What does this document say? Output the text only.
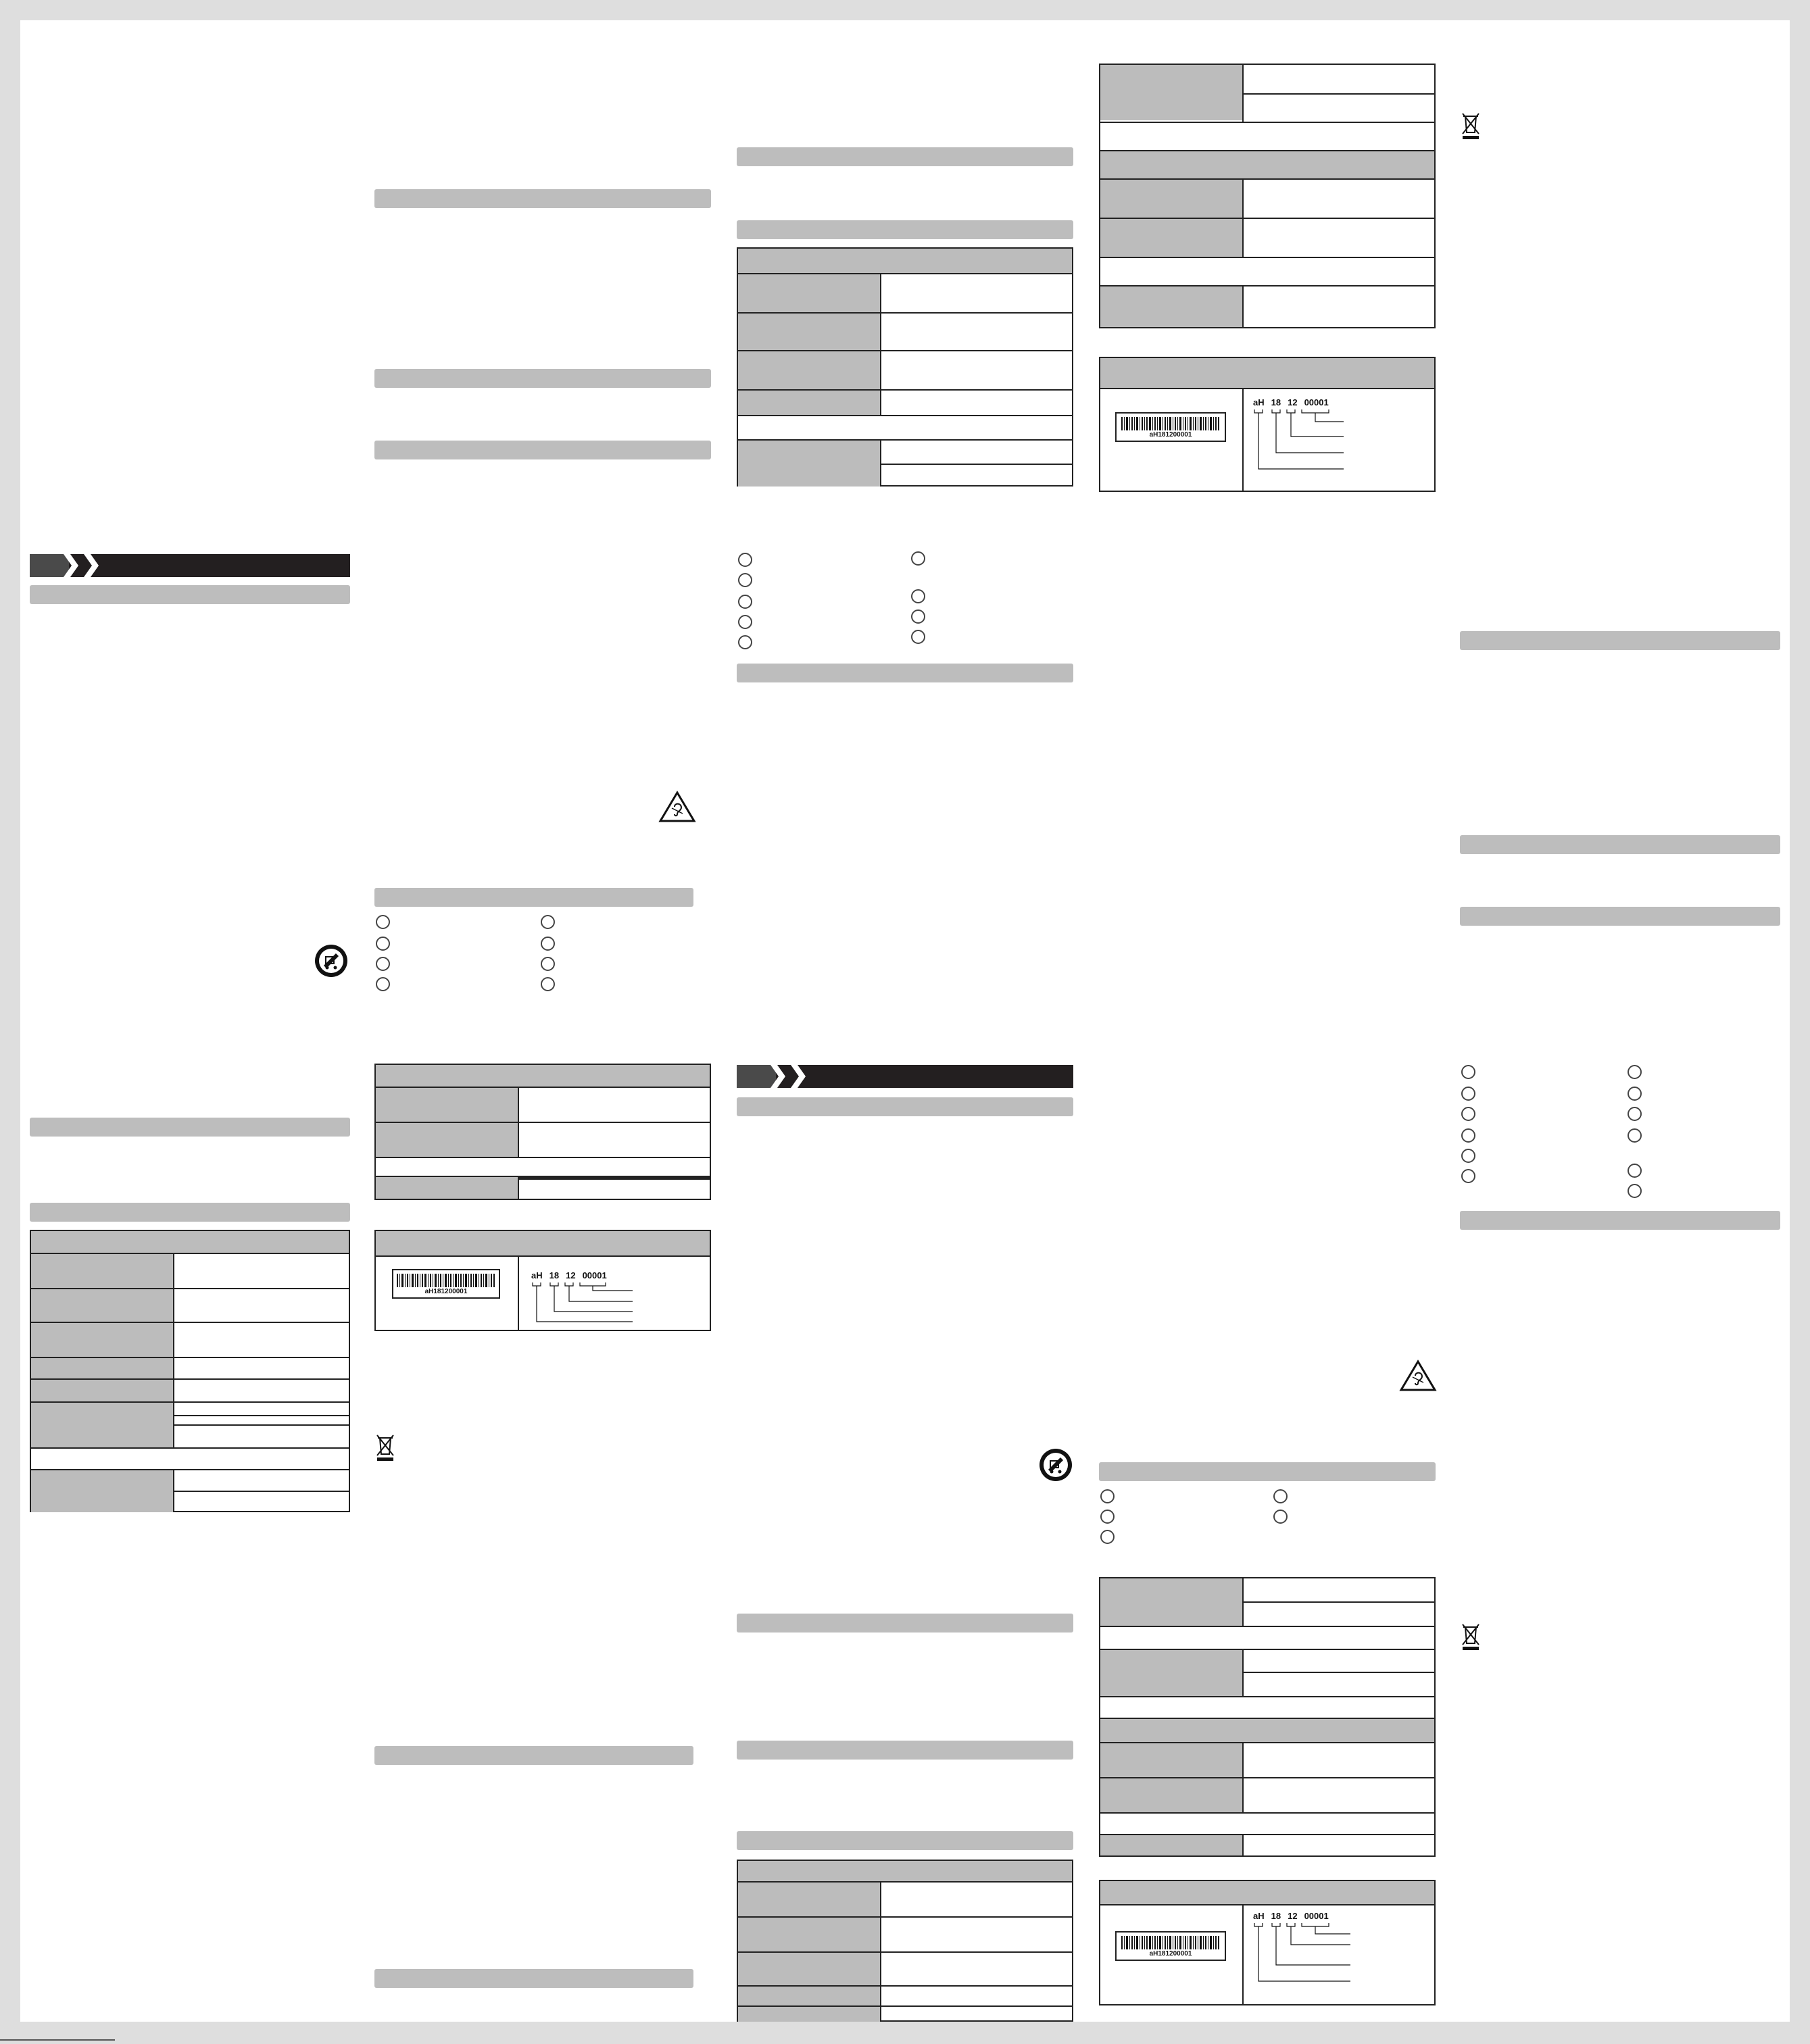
aH181200001
aH 18 12 00001
aH181200001
aH 18 12 00001
aH181200001
aH 18 12 00001
